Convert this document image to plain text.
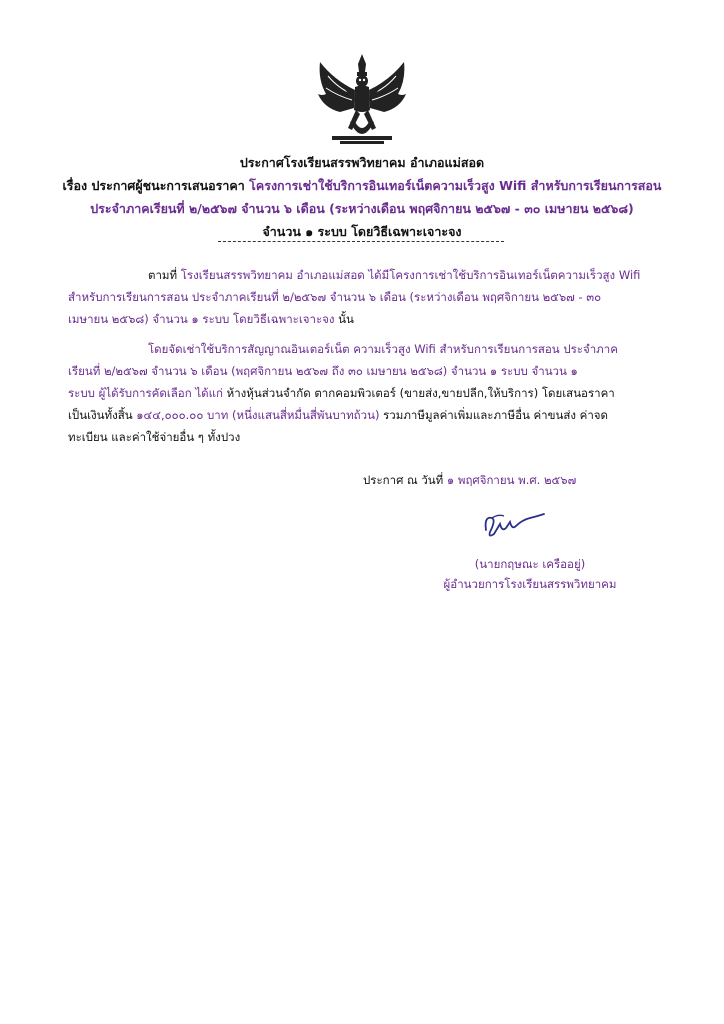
ประกาศโรงเรียนสรรพวิทยาคม อำเภอแม่สอด
เรื่อง ประกาศผู้ชนะการเสนอราคา โครงการเช่าใช้บริการอินเทอร์เน็ตความเร็วสูง Wifi สำหรับการเรียนการสอน
ประจำภาคเรียนที่ ๒/๒๕๖๗ จำนวน ๖ เดือน (ระหว่างเดือน พฤศจิกายน ๒๕๖๗ - ๓๐ เมษายน ๒๕๖๘)
จำนวน ๑ ระบบ โดยวิธีเฉพาะเจาะจง
ตามที่ โรงเรียนสรรพวิทยาคม อำเภอแม่สอด ได้มีโครงการเช่าใช้บริการอินเทอร์เน็ตความเร็วสูง Wifi
สำหรับการเรียนการสอน ประจำภาคเรียนที่ ๒/๒๕๖๗ จำนวน ๖ เดือน (ระหว่างเดือน พฤศจิกายน ๒๕๖๗ - ๓๐
เมษายน ๒๕๖๘) จำนวน ๑ ระบบ โดยวิธีเฉพาะเจาะจง นั้น
โดยจัดเช่าใช้บริการสัญญาณอินเตอร์เน็ต ความเร็วสูง Wifi สำหรับการเรียนการสอน ประจำภาค
เรียนที่ ๒/๒๕๖๗ จำนวน ๖ เดือน (พฤศจิกายน ๒๕๖๗ ถึง ๓๐ เมษายน ๒๕๖๘) จำนวน ๑ ระบบ จำนวน ๑
ระบบ ผู้ได้รับการคัดเลือก ได้แก่ ห้างหุ้นส่วนจำกัด ตากคอมพิวเตอร์ (ขายส่ง,ขายปลีก,ให้บริการ) โดยเสนอราคา
เป็นเงินทั้งสิ้น ๑๔๔,๐๐๐.๐๐ บาท (หนึ่งแสนสี่หมื่นสี่พันบาทถ้วน) รวมภาษีมูลค่าเพิ่มและภาษีอื่น ค่าขนส่ง ค่าจด
ทะเบียน และค่าใช้จ่ายอื่น ๆ ทั้งปวง
ประกาศ ณ วันที่ ๑ พฤศจิกายน พ.ศ. ๒๕๖๗
(นายกฤษณะ เครืออยู่)
ผู้อำนวยการโรงเรียนสรรพวิทยาคม
